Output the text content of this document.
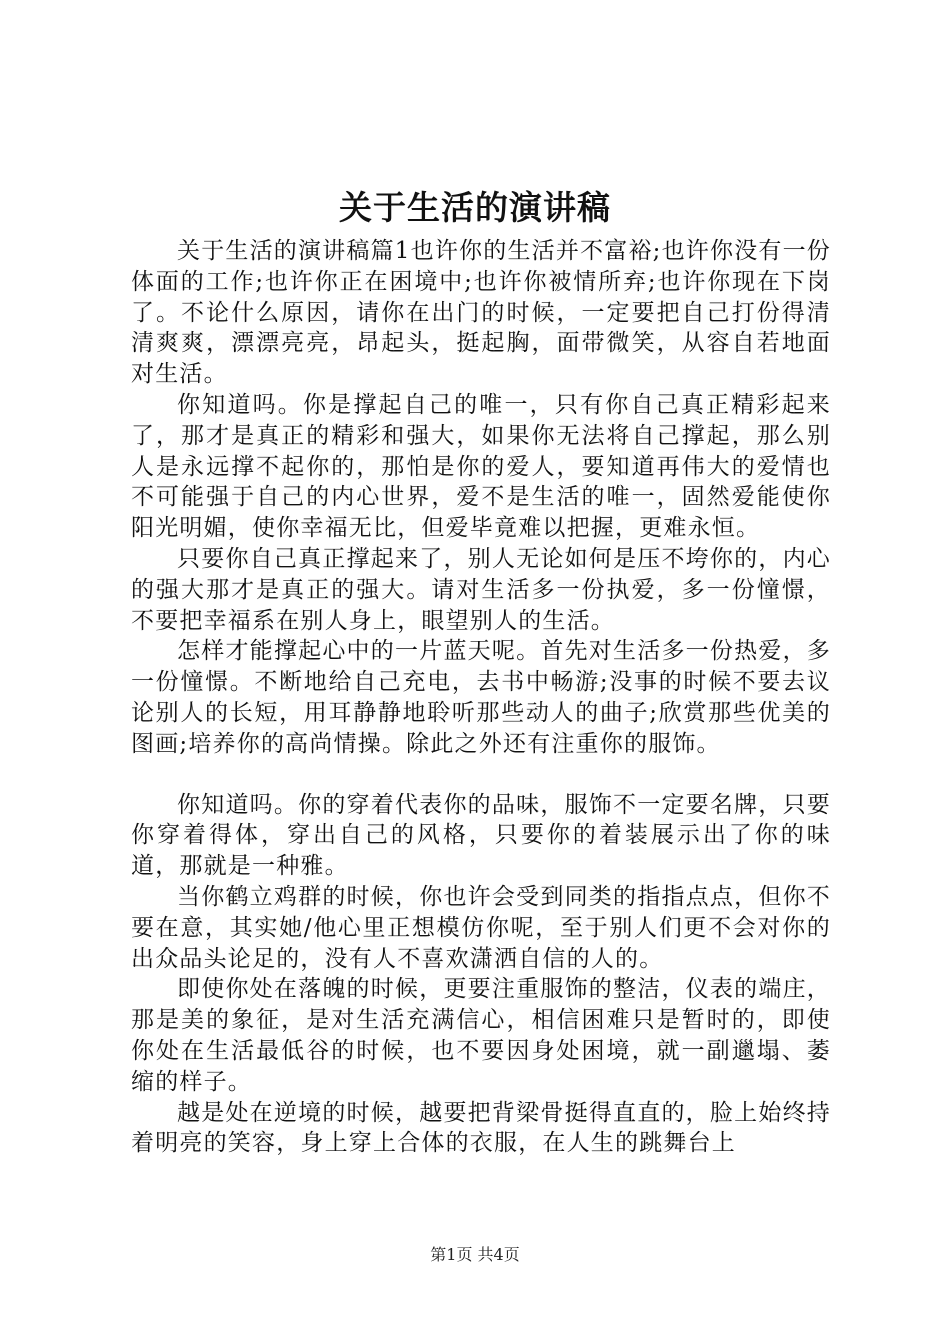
关于生活的演讲稿

关于生活的演讲稿篇1也许你的生活并不富裕;也许你没有一份体面的工作;也许你正在困境中;也许你被情所弃;也许你现在下岗了。不论什么原因，请你在出门的时候，一定要把自己打份得清清爽爽，漂漂亮亮，昂起头，挺起胸，面带微笑，从容自若地面对生活。

你知道吗。你是撑起自己的唯一，只有你自己真正精彩起来了，那才是真正的精彩和强大，如果你无法将自己撑起，那么别人是永远撑不起你的，那怕是你的爱人，要知道再伟大的爱情也不可能强于自己的内心世界，爱不是生活的唯一，固然爱能使你阳光明媚，使你幸福无比，但爱毕竟难以把握，更难永恒。

只要你自己真正撑起来了，别人无论如何是压不垮你的，内心的强大那才是真正的强大。请对生活多一份执爱，多一份憧憬，不要把幸福系在别人身上，眼望别人的生活。

怎样才能撑起心中的一片蓝天呢。首先对生活多一份热爱，多一份憧憬。不断地给自己充电，去书中畅游;没事的时候不要去议论别人的长短，用耳静静地聆听那些动人的曲子;欣赏那些优美的图画;培养你的高尚情操。除此之外还有注重你的服饰。

你知道吗。你的穿着代表你的品味，服饰不一定要名牌，只要你穿着得体，穿出自己的风格，只要你的着装展示出了你的味道，那就是一种雅。

当你鹤立鸡群的时候，你也许会受到同类的指指点点，但你不要在意，其实她/他心里正想模仿你呢，至于别人们更不会对你的出众品头论足的，没有人不喜欢潇洒自信的人的。

即使你处在落魄的时候，更要注重服饰的整洁，仪表的端庄，那是美的象征，是对生活充满信心，相信困难只是暂时的，即使你处在生活最低谷的时候，也不要因身处困境，就一副邋塌、萎缩的样子。

越是处在逆境的时候，越要把背梁骨挺得直直的，脸上始终持着明亮的笑容，身上穿上合体的衣服，在人生的跳舞台上

第1页 共4页
